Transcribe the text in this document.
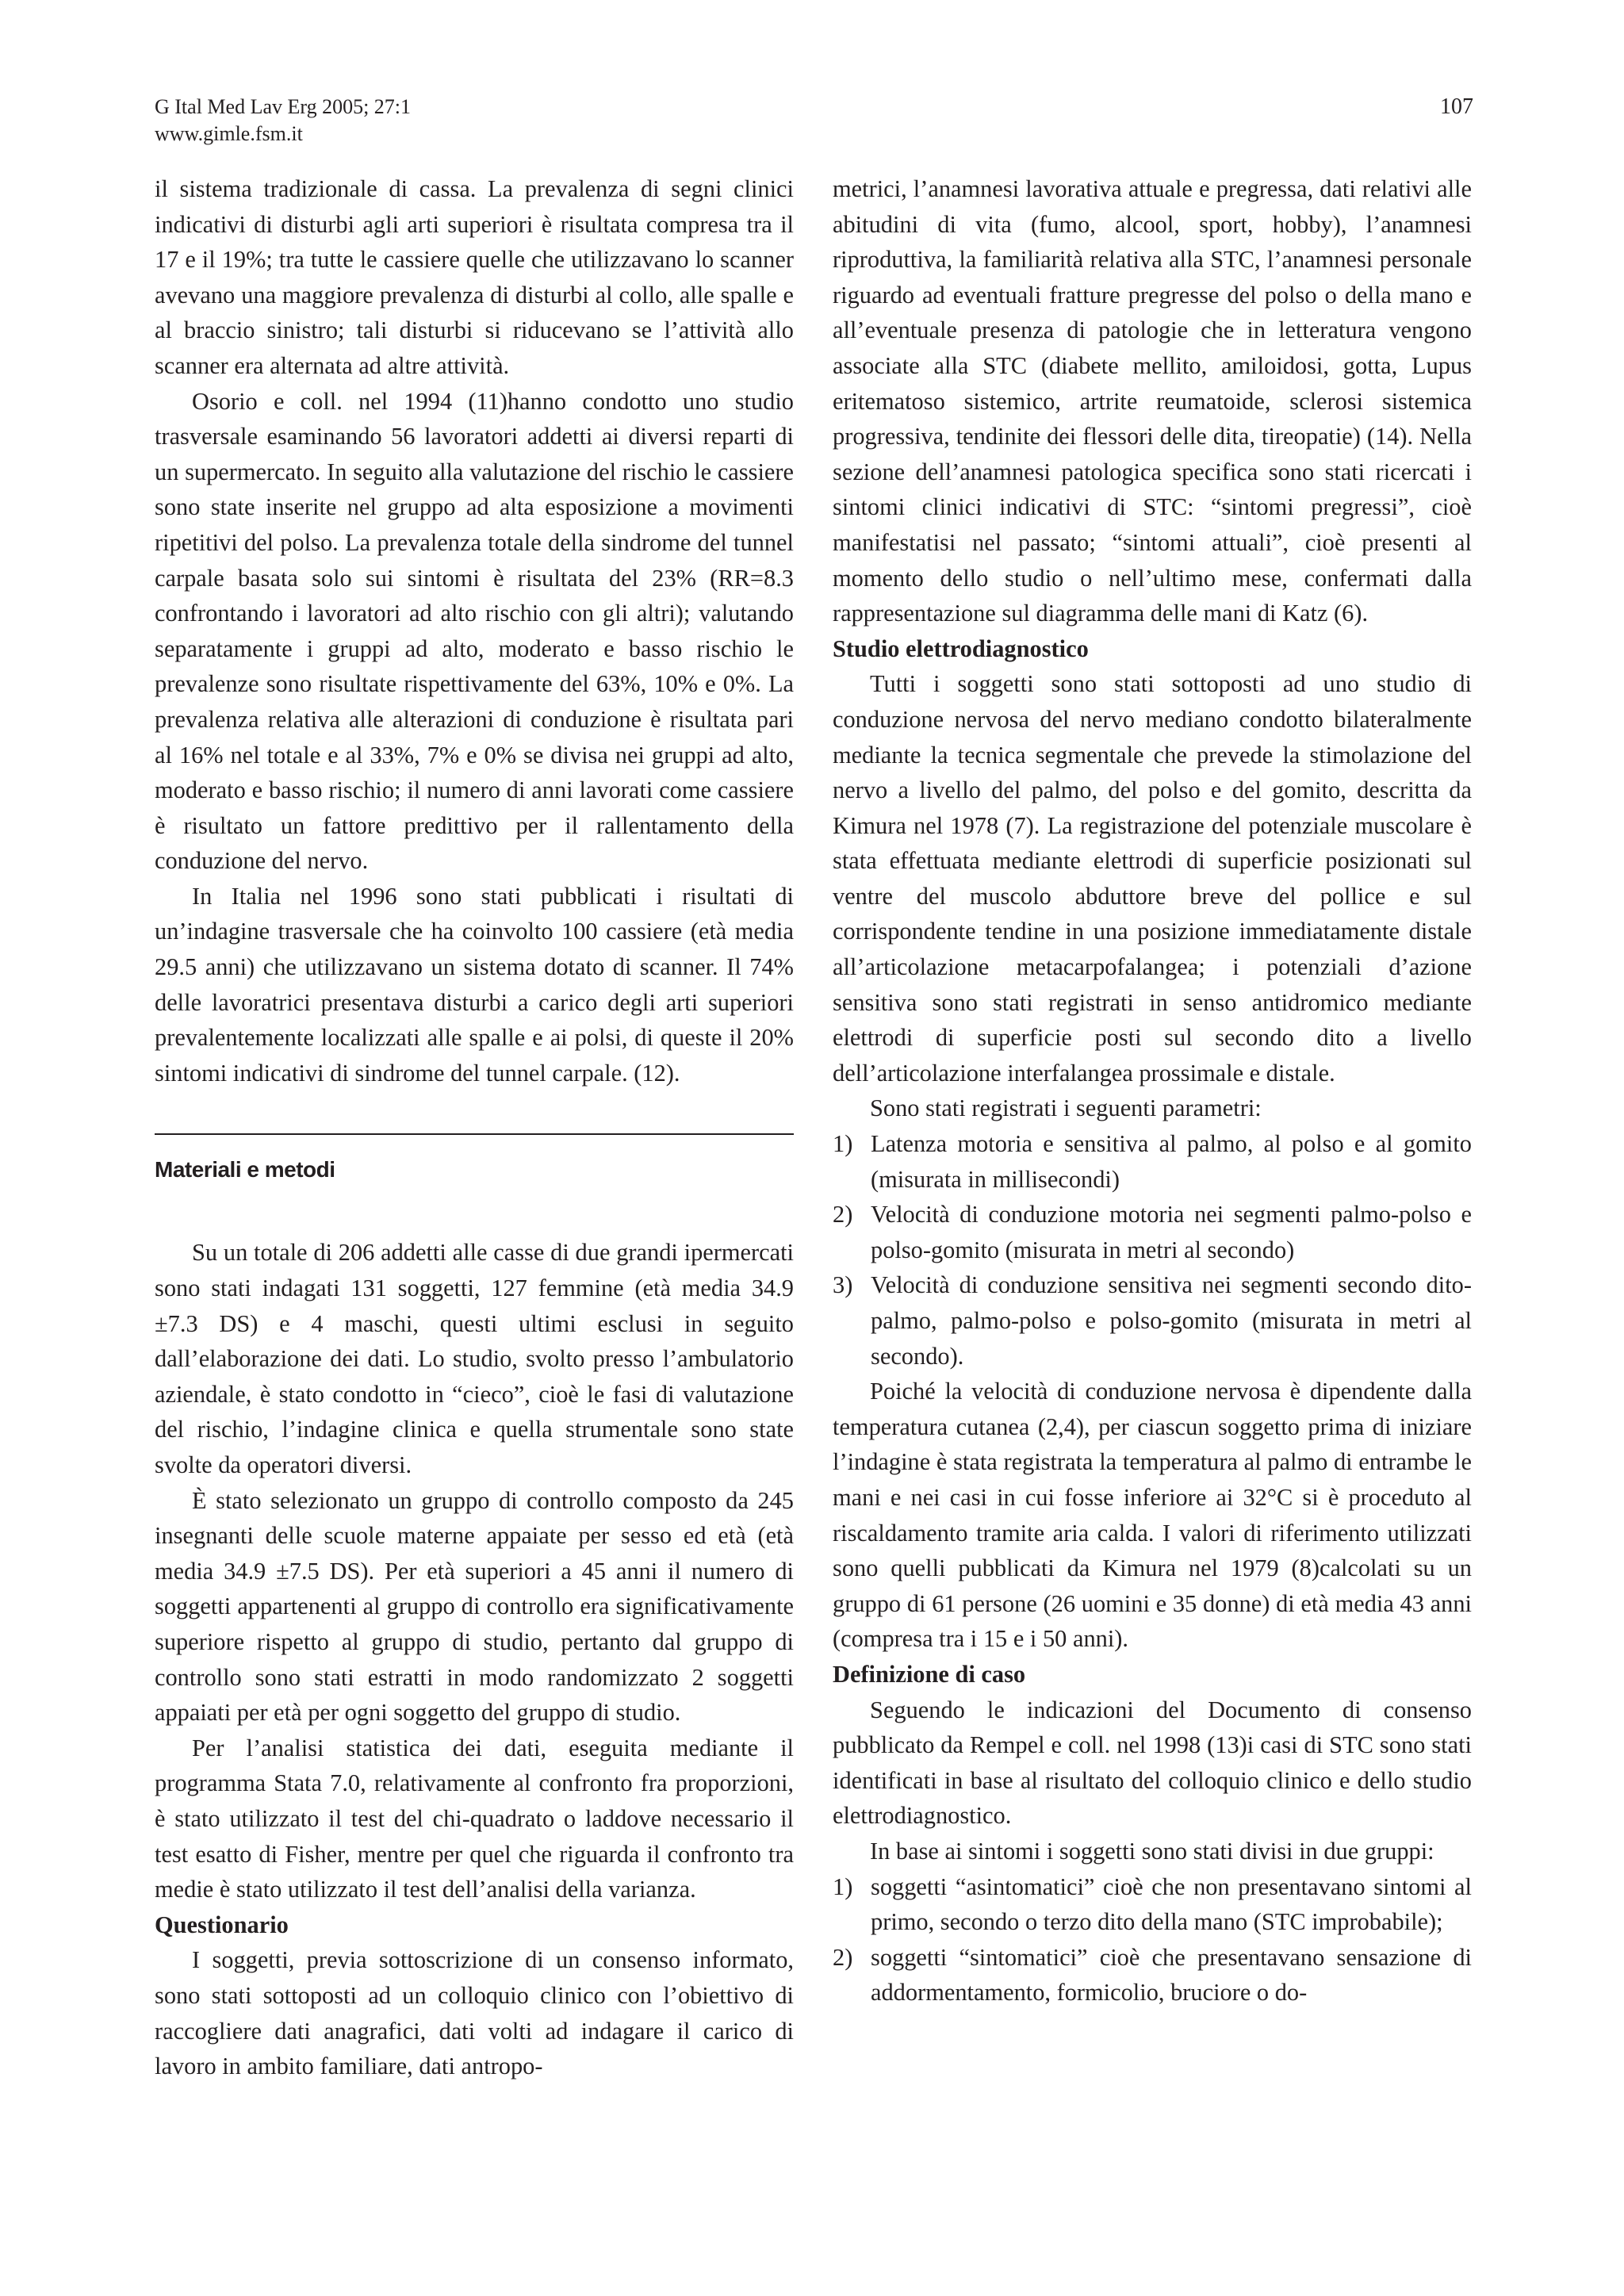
G Ital Med Lav Erg 2005; 27:1
www.gimle.fsm.it
107

il sistema tradizionale di cassa. La prevalenza di segni clinici indicativi di disturbi agli arti superiori è risultata compresa tra il 17 e il 19%; tra tutte le cassiere quelle che utilizzavano lo scanner avevano una maggiore prevalenza di disturbi al collo, alle spalle e al braccio sinistro; tali disturbi si riducevano se l’attività allo scanner era alternata ad altre attività.

Osorio e coll. nel 1994 (11)hanno condotto uno studio trasversale esaminando 56 lavoratori addetti ai diversi reparti di un supermercato. In seguito alla valutazione del rischio le cassiere sono state inserite nel gruppo ad alta esposizione a movimenti ripetitivi del polso. La prevalenza totale della sindrome del tunnel carpale basata solo sui sintomi è risultata del 23% (RR=8.3 confrontando i lavoratori ad alto rischio con gli altri); valutando separatamente i gruppi ad alto, moderato e basso rischio le prevalenze sono risultate rispettivamente del 63%, 10% e 0%. La prevalenza relativa alle alterazioni di conduzione è risultata pari al 16% nel totale e al 33%, 7% e 0% se divisa nei gruppi ad alto, moderato e basso rischio; il numero di anni lavorati come cassiere è risultato un fattore predittivo per il rallentamento della conduzione del nervo.

In Italia nel 1996 sono stati pubblicati i risultati di un’indagine trasversale che ha coinvolto 100 cassiere (età media 29.5 anni) che utilizzavano un sistema dotato di scanner. Il 74% delle lavoratrici presentava disturbi a carico degli arti superiori prevalentemente localizzati alle spalle e ai polsi, di queste il 20% sintomi indicativi di sindrome del tunnel carpale. (12).

Materiali e metodi

Su un totale di 206 addetti alle casse di due grandi ipermercati sono stati indagati 131 soggetti, 127 femmine (età media 34.9 ±7.3 DS) e 4 maschi, questi ultimi esclusi in seguito dall’elaborazione dei dati. Lo studio, svolto presso l’ambulatorio aziendale, è stato condotto in “cieco”, cioè le fasi di valutazione del rischio, l’indagine clinica e quella strumentale sono state svolte da operatori diversi.

È stato selezionato un gruppo di controllo composto da 245 insegnanti delle scuole materne appaiate per sesso ed età (età media 34.9 ±7.5 DS). Per età superiori a 45 anni il numero di soggetti appartenenti al gruppo di controllo era significativamente superiore rispetto al gruppo di studio, pertanto dal gruppo di controllo sono stati estratti in modo randomizzato 2 soggetti appaiati per età per ogni soggetto del gruppo di studio.

Per l’analisi statistica dei dati, eseguita mediante il programma Stata 7.0, relativamente al confronto fra proporzioni, è stato utilizzato il test del chi-quadrato o laddove necessario il test esatto di Fisher, mentre per quel che riguarda il confronto tra medie è stato utilizzato il test dell’analisi della varianza.

Questionario

I soggetti, previa sottoscrizione di un consenso informato, sono stati sottoposti ad un colloquio clinico con l’obiettivo di raccogliere dati anagrafici, dati volti ad indagare il carico di lavoro in ambito familiare, dati antropo-

metrici, l’anamnesi lavorativa attuale e pregressa, dati relativi alle abitudini di vita (fumo, alcool, sport, hobby), l’anamnesi riproduttiva, la familiarità relativa alla STC, l’anamnesi personale riguardo ad eventuali fratture pregresse del polso o della mano e all’eventuale presenza di patologie che in letteratura vengono associate alla STC (diabete mellito, amiloidosi, gotta, Lupus eritematoso sistemico, artrite reumatoide, sclerosi sistemica progressiva, tendinite dei flessori delle dita, tireopatie) (14). Nella sezione dell’anamnesi patologica specifica sono stati ricercati i sintomi clinici indicativi di STC: “sintomi pregressi”, cioè manifestatisi nel passato; “sintomi attuali”, cioè presenti al momento dello studio o nell’ultimo mese, confermati dalla rappresentazione sul diagramma delle mani di Katz (6).

Studio elettrodiagnostico

Tutti i soggetti sono stati sottoposti ad uno studio di conduzione nervosa del nervo mediano condotto bilateralmente mediante la tecnica segmentale che prevede la stimolazione del nervo a livello del palmo, del polso e del gomito, descritta da Kimura nel 1978 (7). La registrazione del potenziale muscolare è stata effettuata mediante elettrodi di superficie posizionati sul ventre del muscolo abduttore breve del pollice e sul corrispondente tendine in una posizione immediatamente distale all’articolazione metacarpofalangea; i potenziali d’azione sensitiva sono stati registrati in senso antidromico mediante elettrodi di superficie posti sul secondo dito a livello dell’articolazione interfalangea prossimale e distale.

Sono stati registrati i seguenti parametri:

1) Latenza motoria e sensitiva al palmo, al polso e al gomito (misurata in millisecondi)
2) Velocità di conduzione motoria nei segmenti palmo-polso e polso-gomito (misurata in metri al secondo)
3) Velocità di conduzione sensitiva nei segmenti secondo dito-palmo, palmo-polso e polso-gomito (misurata in metri al secondo).

Poiché la velocità di conduzione nervosa è dipendente dalla temperatura cutanea (2,4), per ciascun soggetto prima di iniziare l’indagine è stata registrata la temperatura al palmo di entrambe le mani e nei casi in cui fosse inferiore ai 32°C si è proceduto al riscaldamento tramite aria calda. I valori di riferimento utilizzati sono quelli pubblicati da Kimura nel 1979 (8)calcolati su un gruppo di 61 persone (26 uomini e 35 donne) di età media 43 anni (compresa tra i 15 e i 50 anni).

Definizione di caso

Seguendo le indicazioni del Documento di consenso pubblicato da Rempel e coll. nel 1998 (13)i casi di STC sono stati identificati in base al risultato del colloquio clinico e dello studio elettrodiagnostico.

In base ai sintomi i soggetti sono stati divisi in due gruppi:

1) soggetti “asintomatici” cioè che non presentavano sintomi al primo, secondo o terzo dito della mano (STC improbabile);
2) soggetti “sintomatici” cioè che presentavano sensazione di addormentamento, formicolio, bruciore o do-
